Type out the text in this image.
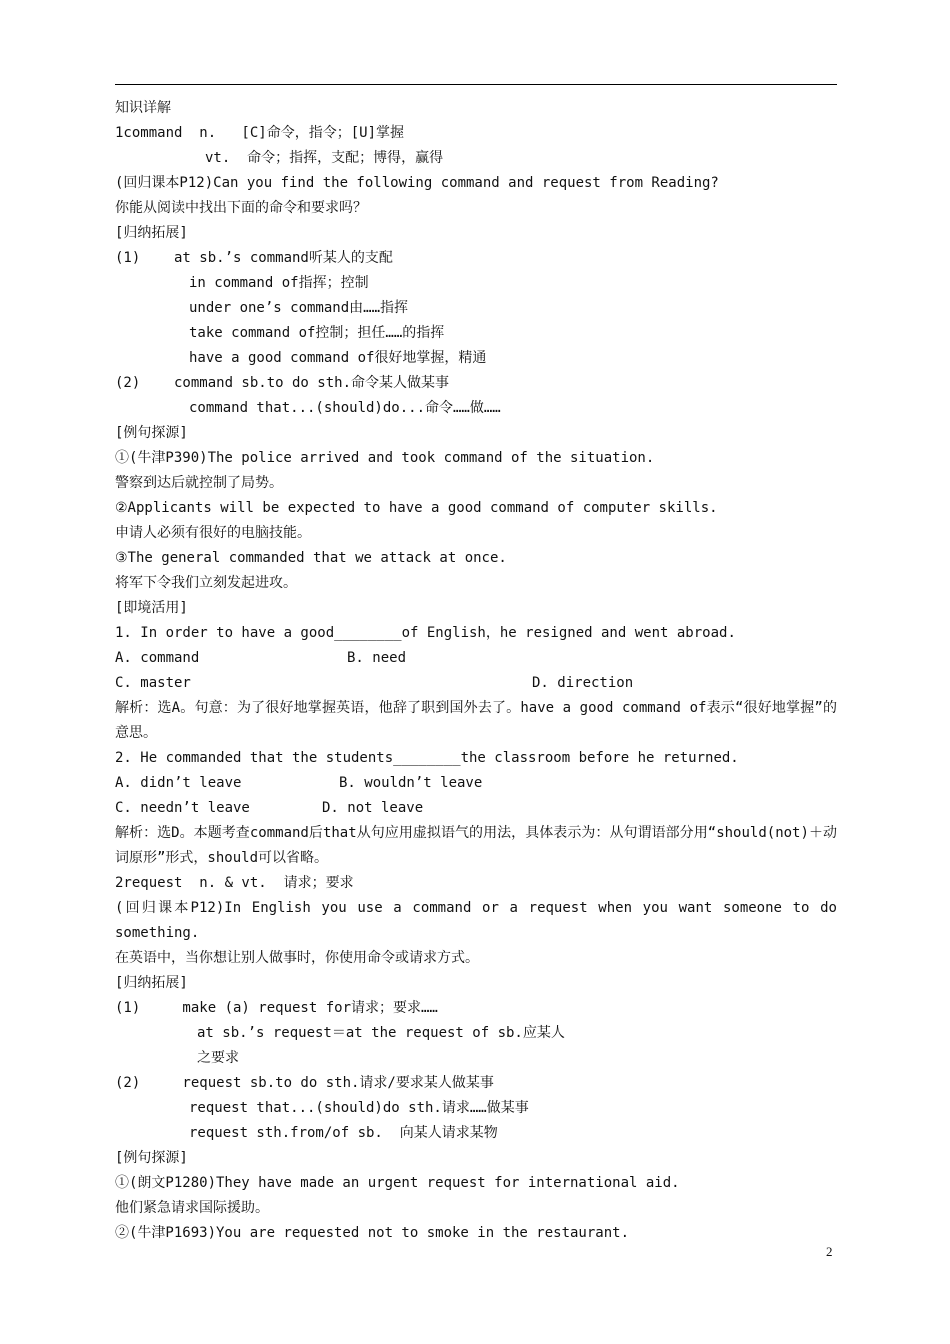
知识详解
1command  n.   [C]命令，指令；[U]掌握
vt.  命令；指挥，支配；博得，赢得
(回归课本P12)Can you find the following command and request from Reading?
你能从阅读中找出下面的命令和要求吗？
[归纳拓展]
(1)    at sb.’s command听某人的支配
in command of指挥；控制
under one’s command由……指挥
take command of控制；担任……的指挥
have a good command of很好地掌握，精通
(2)    command sb.to do sth.命令某人做某事
command that...(should)do...命令……做……
[例句探源]
①(牛津P390)The police arrived and took command of the situation.
警察到达后就控制了局势。
②Applicants will be expected to have a good command of computer skills.
申请人必须有很好的电脑技能。
③The general commanded that we attack at once.
将军下令我们立刻发起进攻。
[即境活用]
1. In order to have a good________of English，he resigned and went abroad.

A. command

	B. need

C. master

	D. direction

解析：选A。句意：为了很好地掌握英语，他辞了职到国外去了。have a good command of表示“很好地掌握”的意思。
2. He commanded that the students________the classroom before he returned.

A. didn’t leave

	B. wouldn’t leave

C. needn’t leave

	D. not leave

解析：选D。本题考查command后that从句应用虚拟语气的用法，具体表示为：从句谓语部分用“should(not)＋动词原形”形式，should可以省略。
2request  n. & vt.  请求；要求
(回归课本P12)In English you use a command or a request when you want someone to do something.
在英语中，当你想让别人做事时，你使用命令或请求方式。
[归纳拓展]
(1)     make (a) request for请求；要求……
at sb.’s request＝at the request of sb.应某人
之要求
(2)     request sb.to do sth.请求/要求某人做某事
request that...(should)do sth.请求……做某事
request sth.from/of sb.  向某人请求某物
[例句探源]
①(朗文P1280)They have made an urgent request for international aid.
他们紧急请求国际援助。
②(牛津P1693)You are requested not to smoke in the restaurant.
2
